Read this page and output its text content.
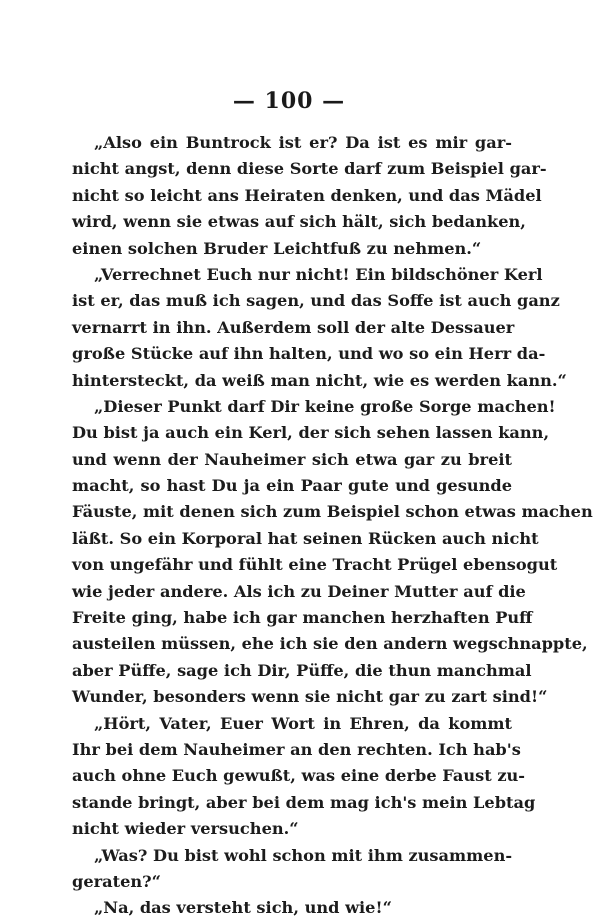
— 100 —
„Also ein Buntrock ist er? Da ist es mir gar-
nicht angst, denn diese Sorte darf zum Beispiel gar-
nicht so leicht ans Heiraten denken, und das Mädel
wird, wenn sie etwas auf sich hält, sich bedanken,
einen solchen Bruder Leichtfuß zu nehmen.“
„Verrechnet Euch nur nicht! Ein bildschöner Kerl
ist er, das muß ich sagen, und das Soffe ist auch ganz
vernarrt in ihn. Außerdem soll der alte Dessauer
große Stücke auf ihn halten, und wo so ein Herr da-
hintersteckt, da weiß man nicht, wie es werden kann.“
„Dieser Punkt darf Dir keine große Sorge machen!
Du bist ja auch ein Kerl, der sich sehen lassen kann,
und wenn der Nauheimer sich etwa gar zu breit
macht, so hast Du ja ein Paar gute und gesunde
Fäuste, mit denen sich zum Beispiel schon etwas machen
läßt. So ein Korporal hat seinen Rücken auch nicht
von ungefähr und fühlt eine Tracht Prügel ebensogut
wie jeder andere. Als ich zu Deiner Mutter auf die
Freite ging, habe ich gar manchen herzhaften Puff
austeilen müssen, ehe ich sie den andern wegschnappte,
aber Püffe, sage ich Dir, Püffe, die thun manchmal
Wunder, besonders wenn sie nicht gar zu zart sind!“
„Hört, Vater, Euer Wort in Ehren, da kommt
Ihr bei dem Nauheimer an den rechten. Ich hab's
auch ohne Euch gewußt, was eine derbe Faust zu-
stande bringt, aber bei dem mag ich's mein Lebtag
nicht wieder versuchen.“
„Was? Du bist wohl schon mit ihm zusammen-
geraten?“
„Na, das versteht sich, und wie!“
